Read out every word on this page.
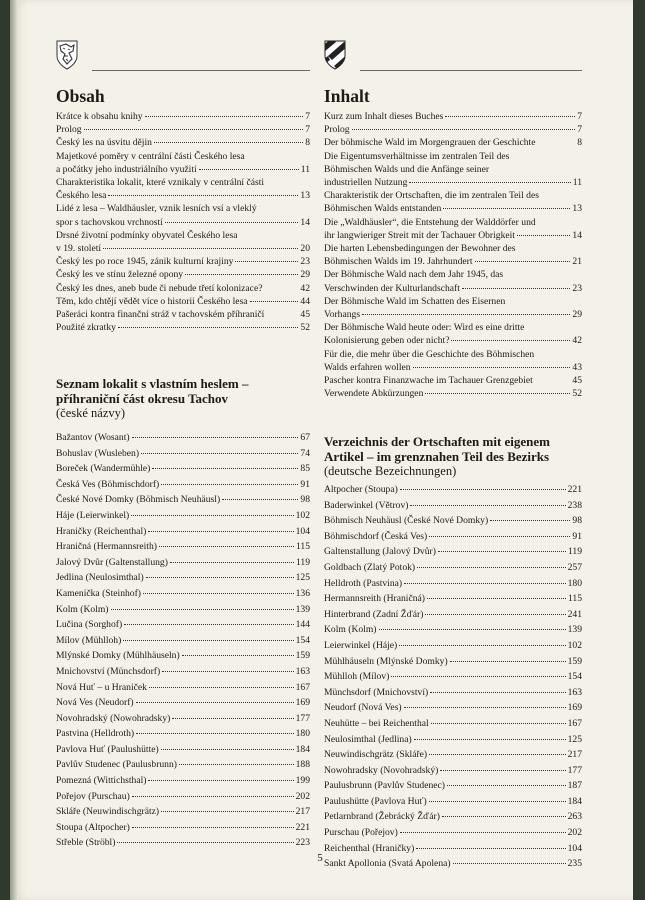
Obsah
Krátce k obsahu knihy	7
Prolog	7
Český les na úsvitu dějin	8
Majetkové poměry v centrální části Českého lesa
a počátky jeho industriálního využití	11
Charakteristika lokalit, které vznikaly v centrální části
Českého lesa	13
Lidé z lesa – Waldhäusler, vznik lesních vsí a vleklý
spor s tachovskou vrchností	14
Drsné životní podmínky obyvatel Českého lesa
v 19. století	20
Český les po roce 1945, zánik kulturní krajiny	23
Český les ve stínu železné opony	29
Český les dnes, aneb bude či nebude třetí kolonizace?	42
Těm, kdo chtějí vědět více o historii Českého lesa	44
Pašeráci kontra finanční stráž v tachovském příhraničí	45
Použité zkratky	52
Seznam lokalit s vlastním heslem –
příhraniční část okresu Tachov
(české názvy)
Bažantov (Wosant)	67
Bohuslav (Wusleben)	74
Boreček (Wandermühle)	85
Česká Ves (Böhmischdorf)	91
České Nové Domky (Böhmisch Neuhäusl)	98
Háje (Leierwinkel)	102
Hraničky (Reichenthal)	104
Hraničná (Hermannsreith)	115
Jalový Dvůr (Galtenstallung)	119
Jedlina (Neulosimthal)	125
Kamenička (Steinhof)	136
Kolm (Kolm)	139
Lučina (Sorghof)	144
Mílov (Mühlloh)	154
Mlýnské Domky (Mühlhäuseln)	159
Mnichovství (Münchsdorf)	163
Nová Huť – u Hraniček	167
Nová Ves (Neudorf)	169
Novohradský (Nowohradsky)	177
Pastvina (Helldroth)	180
Pavlova Huť (Paulushütte)	184
Pavlův Studenec (Paulusbrunn)	188
Pomezná (Wittichsthal)	199
Pořejov (Purschau)	202
Skláře (Neuwindischgrätz)	217
Stoupa (Altpocher)	221
Střeble (Ströbl)	223
Inhalt
Kurz zum Inhalt dieses Buches	7
Prolog	7
Der böhmische Wald im Morgengrauen der Geschichte	8
Die Eigentumsverhältnisse im zentralen Teil des
Böhmischen Walds und die Anfänge seiner
industriellen Nutzung	11
Charakteristik der Ortschaften, die im zentralen Teil des
Böhmischen Walds entstanden	13
Die „Waldhäusler“, die Entstehung der Walddörfer und
ihr langwieriger Streit mit der Tachauer Obrigkeit	14
Die harten Lebensbedingungen der Bewohner des
Böhmischen Walds im 19. Jahrhundert	21
Der Böhmische Wald nach dem Jahr 1945, das
Verschwinden der Kulturlandschaft	23
Der Böhmische Wald im Schatten des Eisernen
Vorhangs	29
Der Böhmische Wald heute oder: Wird es eine dritte
Kolonisierung geben oder nicht?	42
Für die, die mehr über die Geschichte des Böhmischen
Walds erfahren wollen	43
Pascher kontra Finanzwache im Tachauer Grenzgebiet	45
Verwendete Abkürzungen	52
Verzeichnis der Ortschaften mit eigenem
Artikel – im grenznahen Teil des Bezirks
(deutsche Bezeichnungen)
Altpocher (Stoupa)	221
Baderwinkel (Větrov)	238
Böhmisch Neuhäusl (České Nové Domky)	98
Böhmischdorf (Česká Ves)	91
Galtenstallung (Jalový Dvůr)	119
Goldbach (Zlatý Potok)	257
Helldroth (Pastvina)	180
Hermannsreith (Hraničná)	115
Hinterbrand (Zadní Žďár)	241
Kolm (Kolm)	139
Leierwinkel (Háje)	102
Mühlhäuseln (Mlýnské Domky)	159
Mühlloh (Mílov)	154
Münchsdorf (Mnichovství)	163
Neudorf (Nová Ves)	169
Neuhütte – bei Reichenthal	167
Neulosimthal (Jedlina)	125
Neuwindischgrätz (Skláře)	217
Nowohradsky (Novohradský)	177
Paulusbrunn (Pavlův Studenec)	187
Paulushütte (Pavlova Huť)	184
Petlarnbrand (Žebrácký Žďár)	263
Purschau (Pořejov)	202
Reichenthal (Hraničky)	104
Sankt Apollonia (Svatá Apolena)	235
5
